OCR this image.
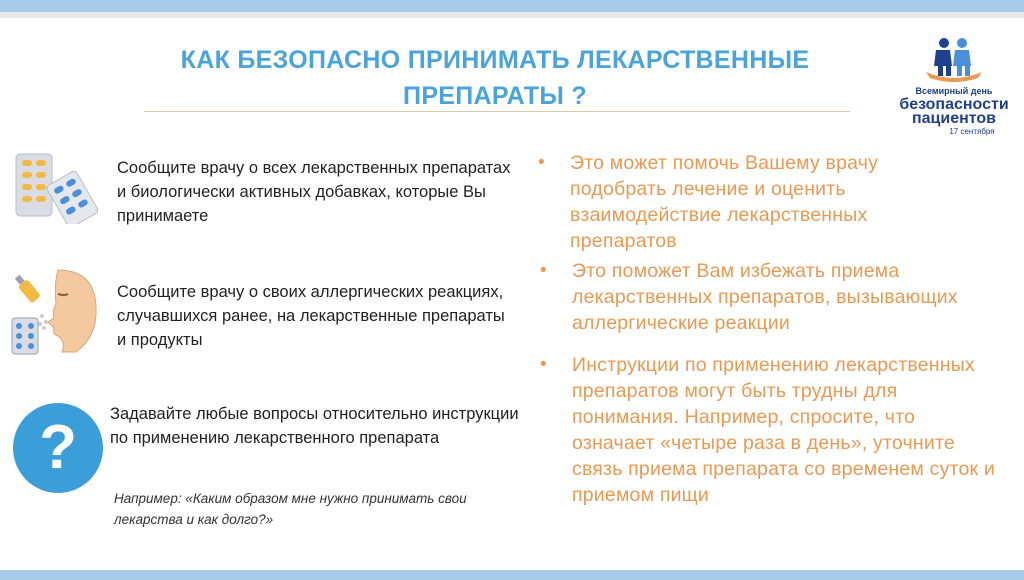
КАК БЕЗОПАСНО ПРИНИМАТЬ ЛЕКАРСТВЕННЫЕ
ПРЕПАРАТЫ ?	Всемирный день
безопасности
пациентов
17 сентября
Сообщите врачу о всех лекарственных препаратах и биологически активных добавках, которые Вы принимаете
Сообщите врачу о своих аллергических реакциях, случавшихся ранее, на лекарственные препараты и продукты
? Задавайте любые вопросы относительно инструкции по применению лекарственного препарата
Например: «Каким образом мне нужно принимать свои лекарства и как долго?»
• Это может помочь Вашему врачу подобрать лечение и оценить взаимодействие лекарственных препаратов
• Это поможет Вам избежать приема лекарственных препаратов, вызывающих аллергические реакции
• Инструкции по применению лекарственных препаратов могут быть трудны для понимания. Например, спросите, что означает «четыре раза в день», уточните связь приема препарата со временем суток и приемом пищи
